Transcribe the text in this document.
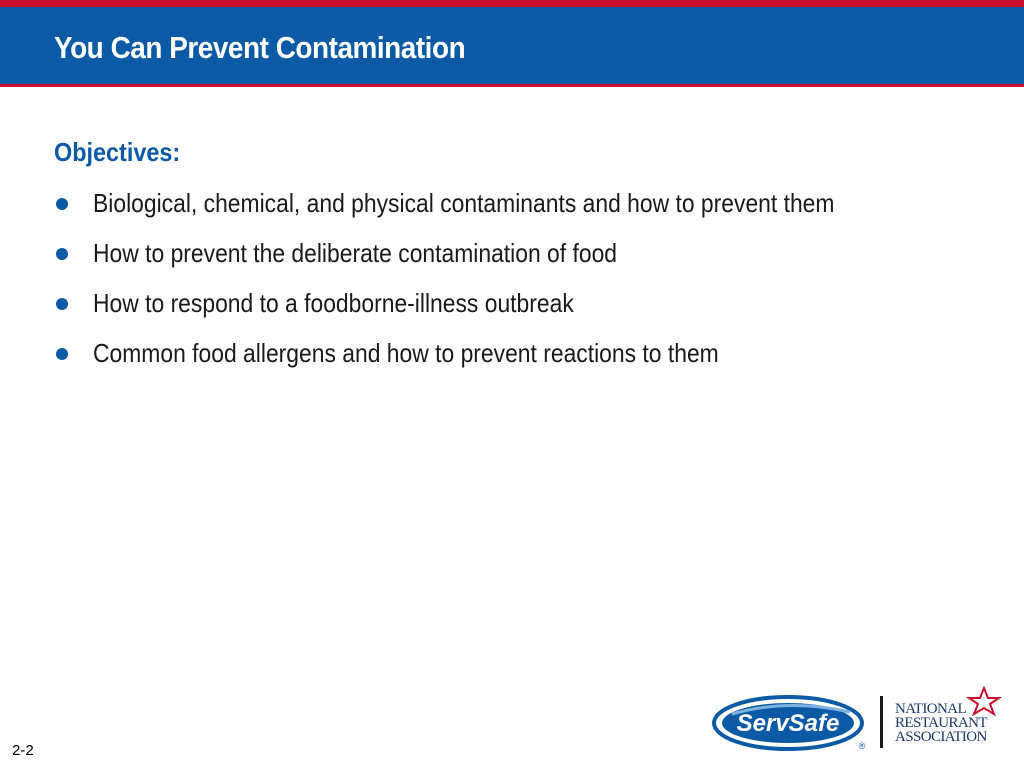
You Can Prevent Contamination
Objectives:
Biological, chemical, and physical contaminants and how to prevent them
How to prevent the deliberate contamination of food
How to respond to a foodborne-illness outbreak
Common food allergens and how to prevent reactions to them
2-2
ServSafe
®
NATIONAL
RESTAURANT
ASSOCIATION
